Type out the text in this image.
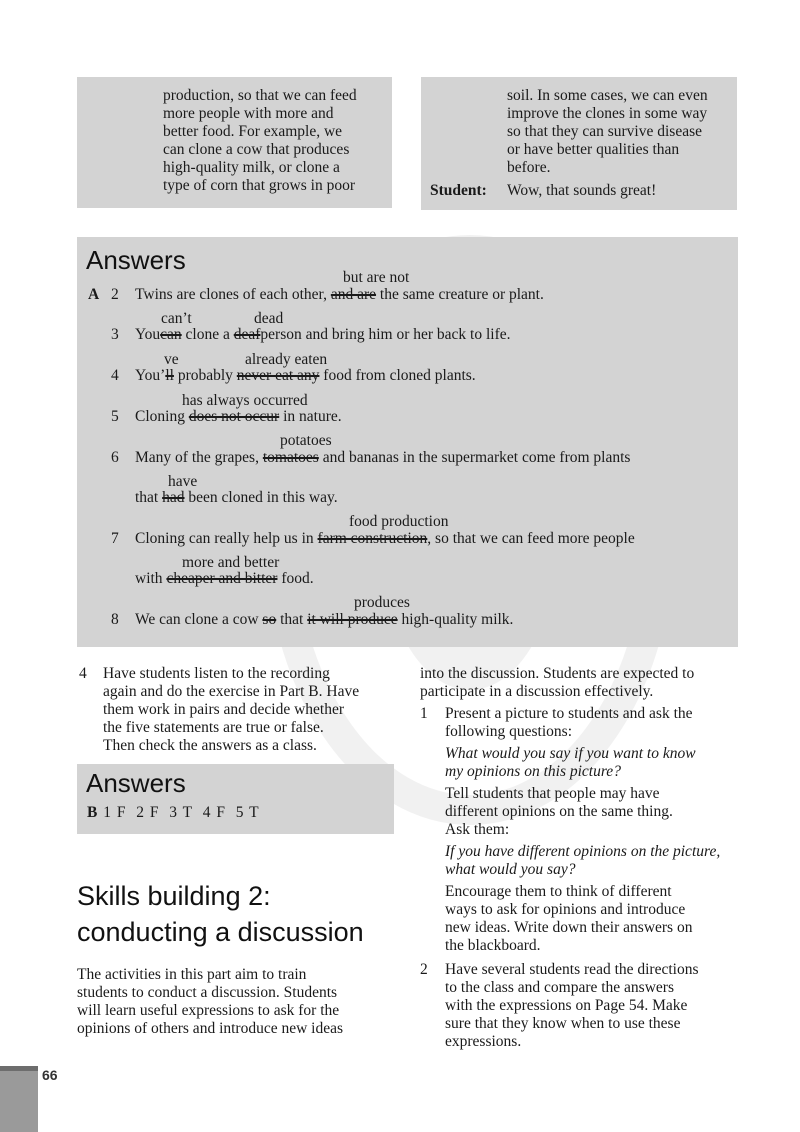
production, so that we can feed
more people with more and
better food. For example, we
can clone a cow that produces
high-quality milk, or clone a
type of corn that grows in poor
soil. In some cases, we can even
improve the clones in some way
so that they can survive disease
or have better qualities than
before.
Student: Wow, that sounds great!
Answers
A 2
but are not
Twins are clones of each other, and are the same creature or plant.
3
can’t	dead
Youcan clone a deafperson and bring him or her back to life.
4
ve	already eaten
You’ll probably never eat any food from cloned plants.
5
has always occurred
Cloning does not occur in nature.
6
potatoes
Many of the grapes, tomatoes and bananas in the supermarket come from plants
have
that had been cloned in this way.
7
food production
Cloning can really help us in farm construction, so that we can feed more people
more and better
with cheaper and bitter food.
8
produces
We can clone a cow so that it will produce high-quality milk.
4 Have students listen to the recording
again and do the exercise in Part B. Have
them work in pairs and decide whether
the five statements are true or false.
Then check the answers as a class.
Answers
B 1 F 2 F 3 T 4 F 5 T
Skills building 2:
conducting a discussion
The activities in this part aim to train
students to conduct a discussion. Students
will learn useful expressions to ask for the
opinions of others and introduce new ideas
into the discussion. Students are expected to
participate in a discussion effectively.
1 Present a picture to students and ask the
following questions:
What would you say if you want to know
my opinions on this picture?
Tell students that people may have
different opinions on the same thing.
Ask them:
If you have different opinions on the picture,
what would you say?
Encourage them to think of different
ways to ask for opinions and introduce
new ideas. Write down their answers on
the blackboard.
2 Have several students read the directions
to the class and compare the answers
with the expressions on Page 54. Make
sure that they know when to use these
expressions.
66
